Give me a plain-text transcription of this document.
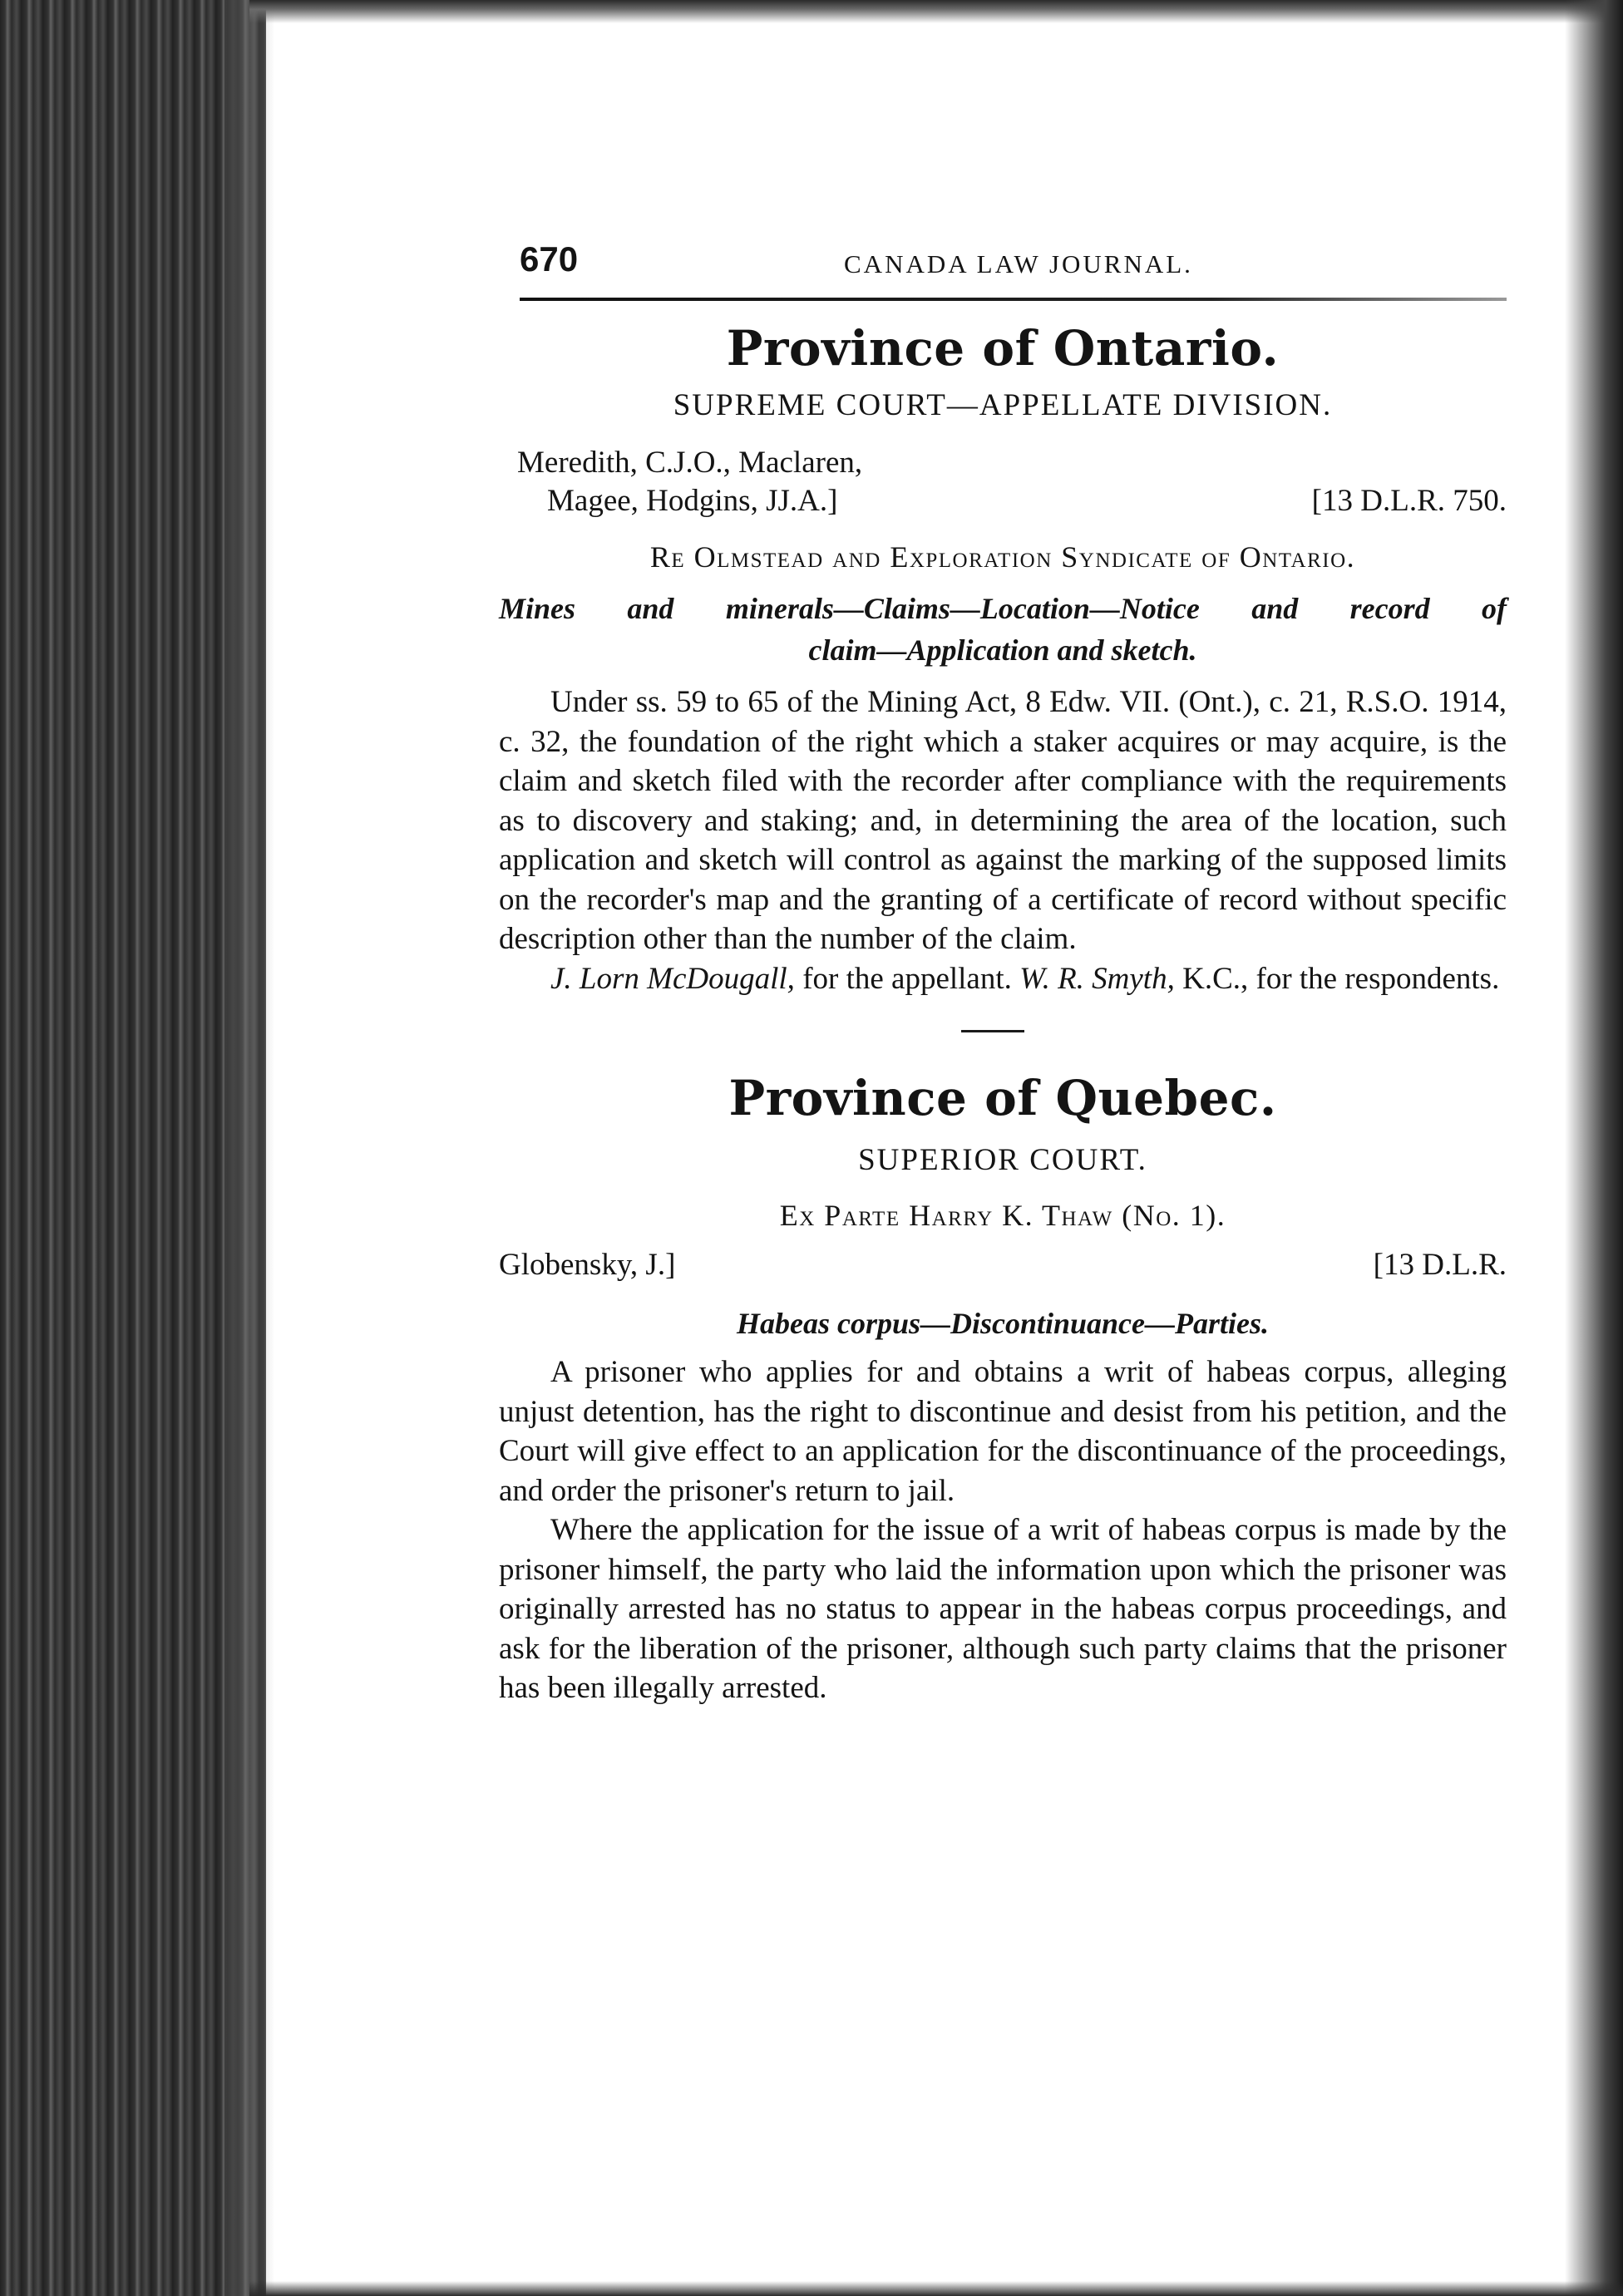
670	CANADA LAW JOURNAL.
Province of Ontario.
SUPREME COURT—APPELLATE DIVISION.
Meredith, C.J.O., Maclaren,
Magee, Hodgins, JJ.A.]	[13 D.L.R. 750.
Re Olmstead and Exploration Syndicate of Ontario.
Mines and minerals—Claims—Location—Notice and record of
claim—Application and sketch.

Under ss. 59 to 65 of the Mining Act, 8 Edw. VII. (Ont.), c. 21, R.S.O. 1914, c. 32, the foundation of the right which a staker acquires or may acquire, is the claim and sketch filed with the recorder after compliance with the requirements as to discovery and staking; and, in determining the area of the location, such application and sketch will control as against the marking of the supposed limits on the recorder's map and the granting of a certificate of record without specific description other than the number of the claim.

J. Lorn McDougall, for the appellant. W. R. Smyth, K.C., for the respondents.

Province of Quebec.
SUPERIOR COURT.
Ex Parte Harry K. Thaw (No. 1).
Globensky, J.]	[13 D.L.R.
Habeas corpus—Discontinuance—Parties.

A prisoner who applies for and obtains a writ of habeas corpus, alleging unjust detention, has the right to discontinue and desist from his petition, and the Court will give effect to an application for the discontinuance of the proceedings, and order the prisoner's return to jail.

Where the application for the issue of a writ of habeas corpus is made by the prisoner himself, the party who laid the information upon which the prisoner was originally arrested has no status to appear in the habeas corpus proceedings, and ask for the liberation of the prisoner, although such party claims that the prisoner has been illegally arrested.
